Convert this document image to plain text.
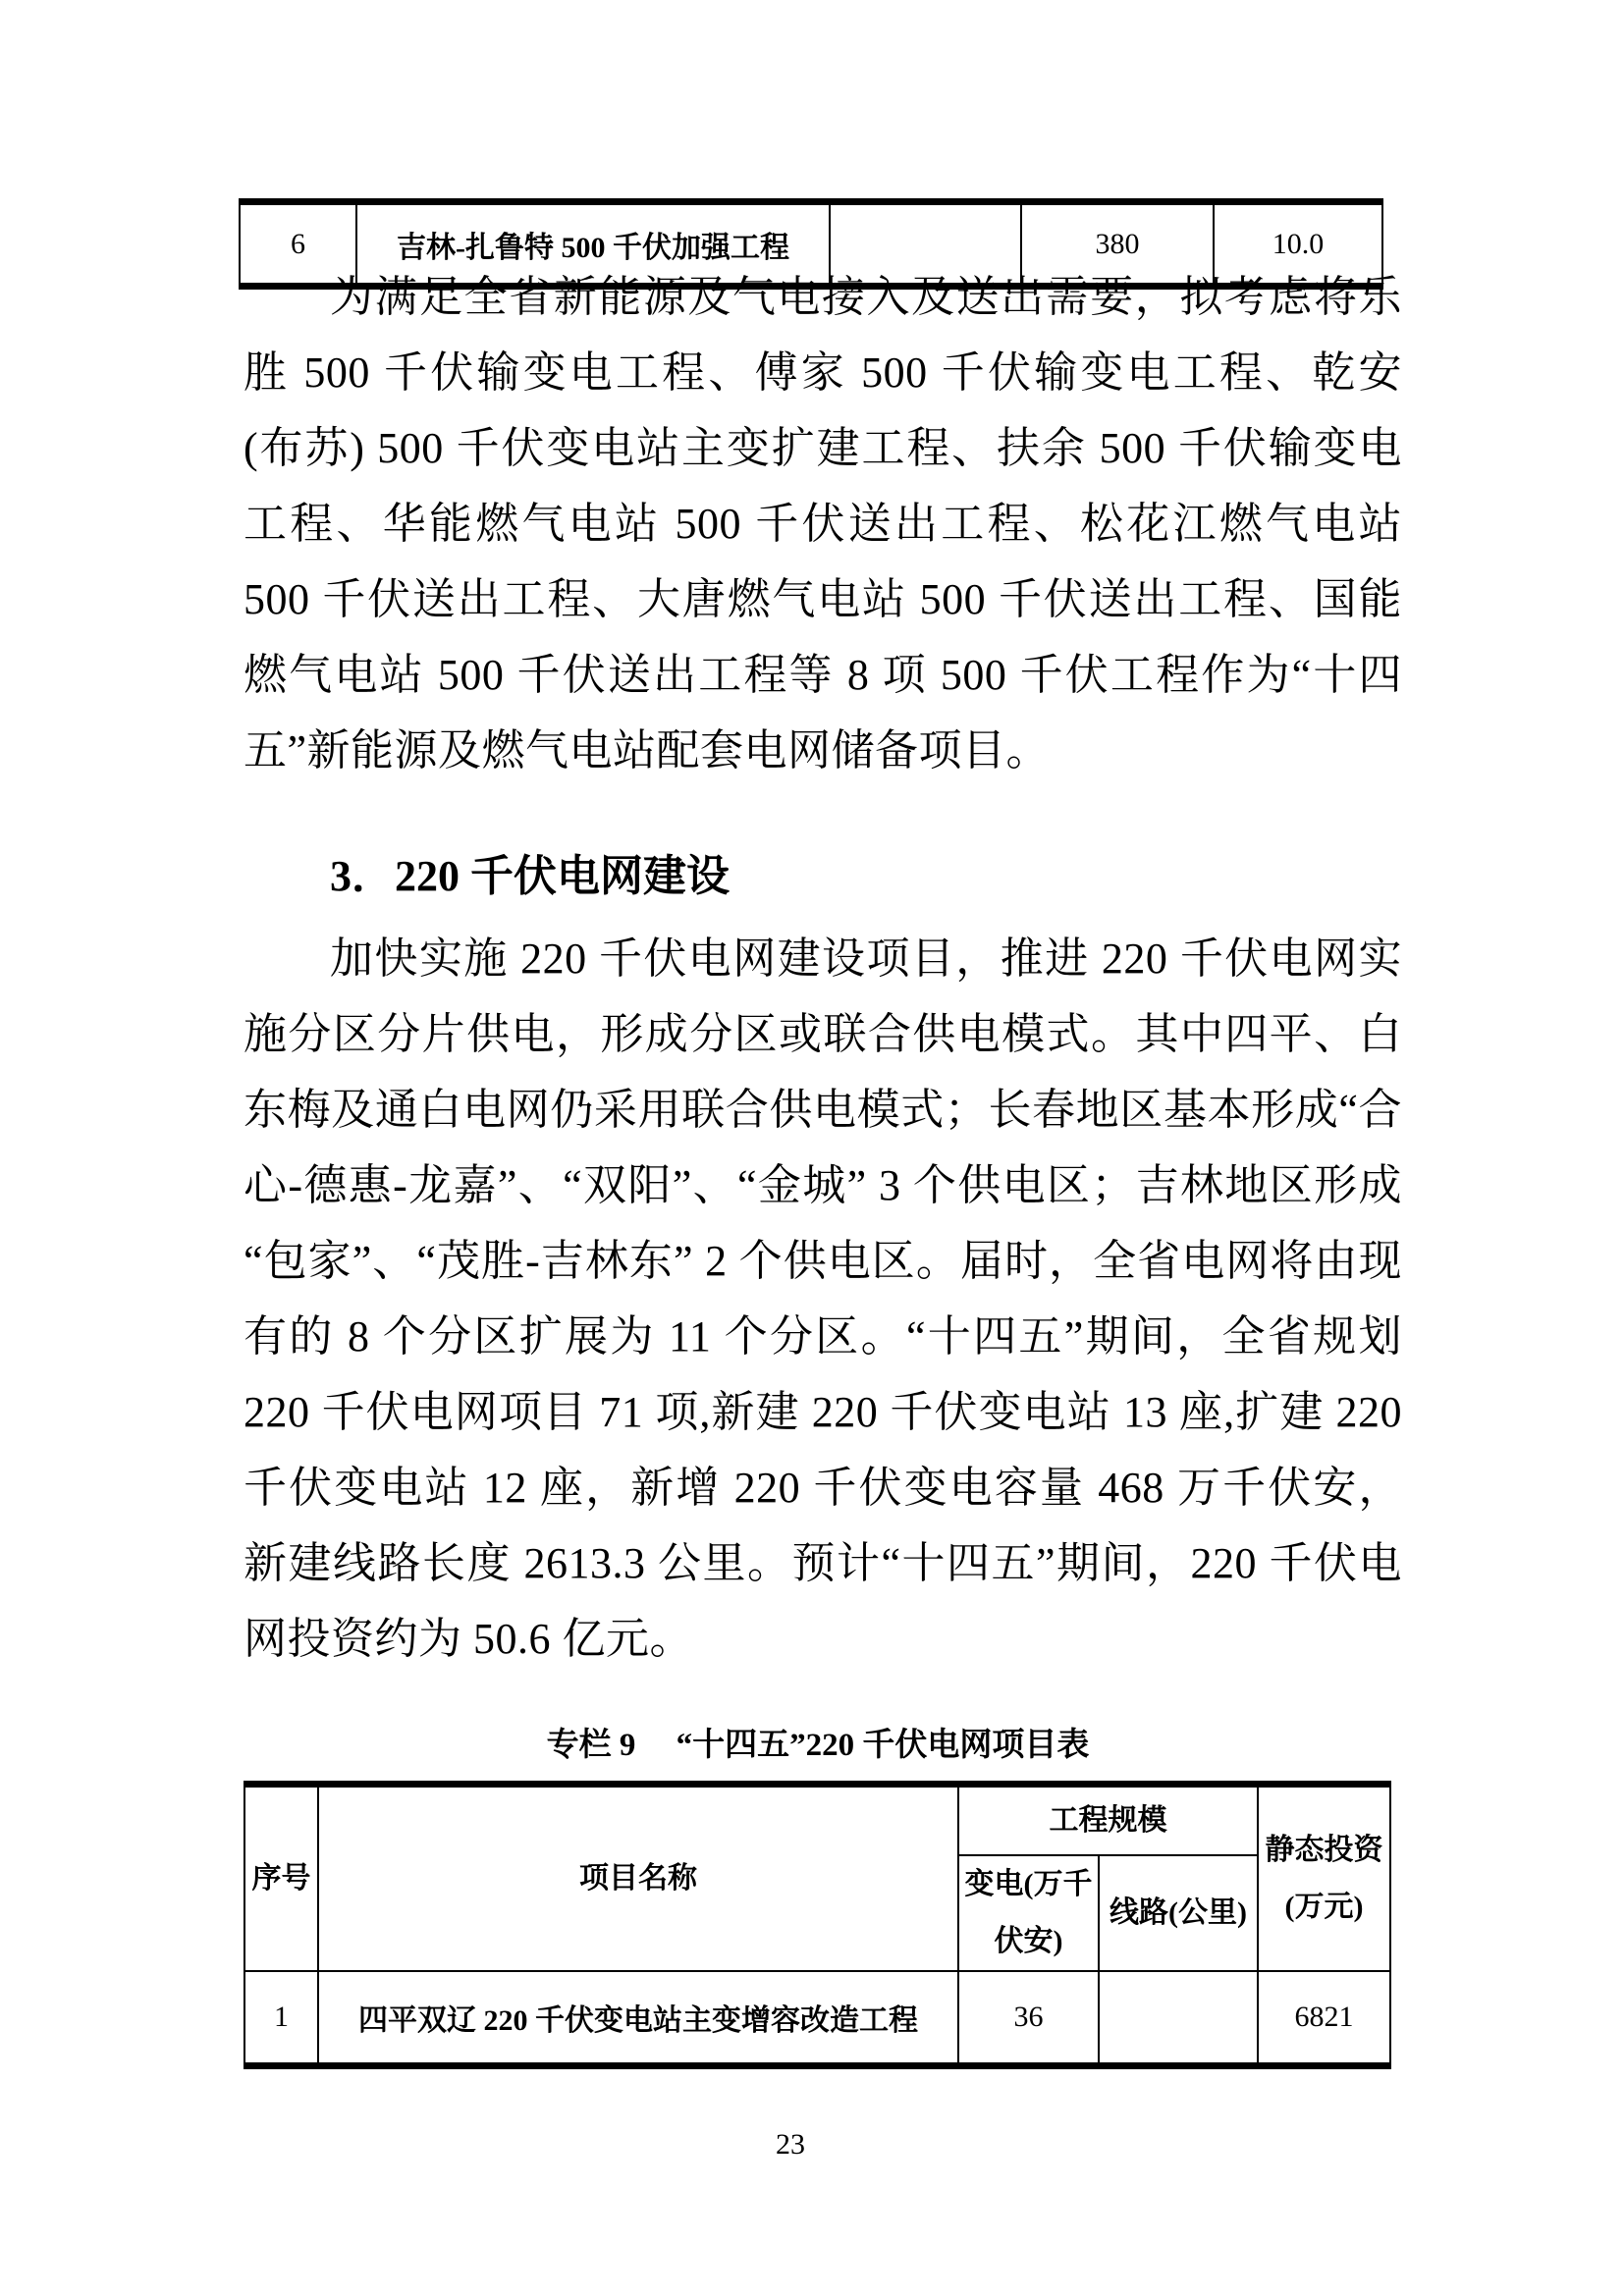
6	吉林-扎鲁特 500 千伏加强工程		380	10.0

为满足全省新能源及气电接入及送出需要，拟考虑将乐胜 500 千伏输变电工程、傅家 500 千伏输变电工程、乾安 (布苏) 500 千伏变电站主变扩建工程、扶余 500 千伏输变电工程、华能燃气电站 500 千伏送出工程、松花江燃气电站 500 千伏送出工程、大唐燃气电站 500 千伏送出工程、国能燃气电站 500 千伏送出工程等 8 项 500 千伏工程作为“十四五”新能源及燃气电站配套电网储备项目。

3．220 千伏电网建设

加快实施 220 千伏电网建设项目，推进 220 千伏电网实施分区分片供电，形成分区或联合供电模式。其中四平、白东梅及通白电网仍采用联合供电模式；长春地区基本形成“合心-德惠-龙嘉”、“双阳”、“金城” 3 个供电区；吉林地区形成“包家”、“茂胜-吉林东” 2 个供电区。届时，全省电网将由现有的 8 个分区扩展为 11 个分区。“十四五”期间，全省规划 220 千伏电网项目 71 项,新建 220 千伏变电站 13 座,扩建 220 千伏变电站 12 座，新增 220 千伏变电容量 468 万千伏安，新建线路长度 2613.3 公里。预计“十四五”期间，220 千伏电网投资约为 50.6 亿元。

专栏 9　 “十四五”220 千伏电网项目表
序号	项目名称	工程规模		静态投资(万元)
		变电(万千伏安)	线路(公里)	
1	四平双辽 220 千伏变电站主变增容改造工程	36		6821
23
